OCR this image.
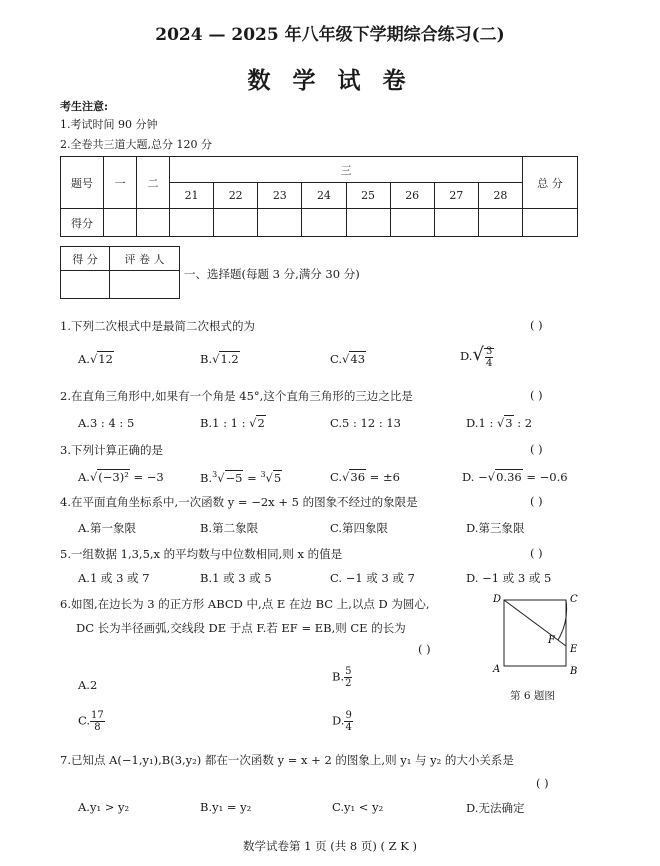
2024 — 2025 年八年级下学期综合练习(二)
数 学 试 卷
考生注意:
1.考试时间 90 分钟
2.全卷共三道大题,总分 120 分
题号	一	二	三								总 分
			21	22	23	24	25	26	27	28	
得分											
得 分	评 卷 人

一、选择题(每题 3 分,满分 30 分)
1.下列二次根式中是最简二次根式的为	( )
A.√12	B.√1.2	C.√43	$D.√ \frac{3}{4}$
2.在直角三角形中,如果有一个角是 45°,这个直角三角形的三边之比是	( )
A.3 : 4 : 5	B.1 : 1 : √2	C.5 : 12 : 13	D.1 : √3 : 2
3.下列计算正确的是	( )
A.√(−3)² = −3	B.$^3$√−5 = $^3$√5	C.√36 = ±6	D. −√0.36 = −0.6
4.在平面直角坐标系中,一次函数 y = −2x + 5 的图象不经过的象限是	( )
A.第一象限	B.第二象限	C.第四象限	D.第三象限
5.一组数据 1,3,5,x 的平均数与中位数相同,则 x 的值是	( )
A.1 或 3 或 7	B.1 或 3 或 5	C. −1 或 3 或 7	D. −1 或 3 或 5
6.如图,在边长为 3 的正方形 ABCD 中,点 E 在边 BC 上,以点 D 为圆心,
DC 长为半径画弧,交线段 DE 于点 F.若 EF = EB,则 CE 的长为
( )
A.2
B. $\frac{5}{2}$
C. $\frac{17}{8}$	D. $\frac{9}{4}$
D	C
A	B
E
F
第 6 题图
7.已知点 A(−1,y₁),B(3,y₂) 都在一次函数 y = x + 2 的图象上,则 y₁ 与 y₂ 的大小关系是
( )
A.y₁ > y₂	B.y₁ = y₂	C.y₁ < y₂	D.无法确定
数学试卷第 1 页 (共 8 页) ( Z K )
